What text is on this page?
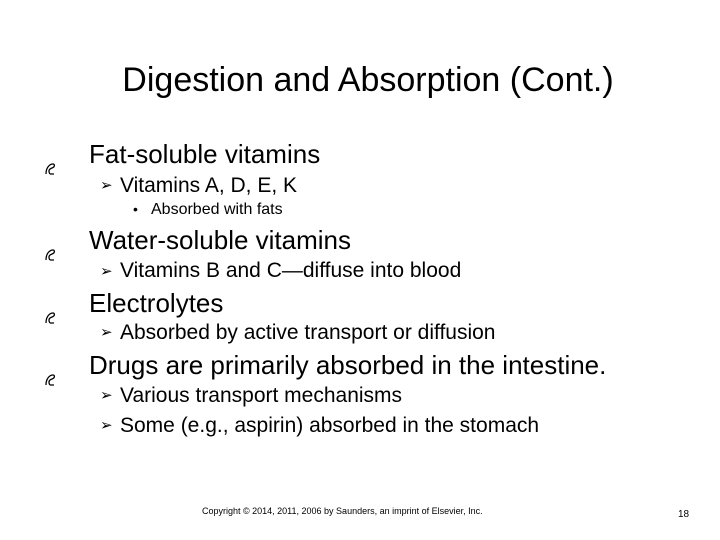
Digestion and Absorption (Cont.)
Fat-soluble vitamins
➢ Vitamins A, D, E, K
• Absorbed with fats
Water-soluble vitamins
➢ Vitamins B and C—diffuse into blood
Electrolytes
➢ Absorbed by active transport or diffusion
Drugs are primarily absorbed in the intestine.
➢ Various transport mechanisms
➢ Some (e.g., aspirin) absorbed in the stomach
Copyright © 2014, 2011, 2006 by Saunders, an imprint of Elsevier, Inc.	18
